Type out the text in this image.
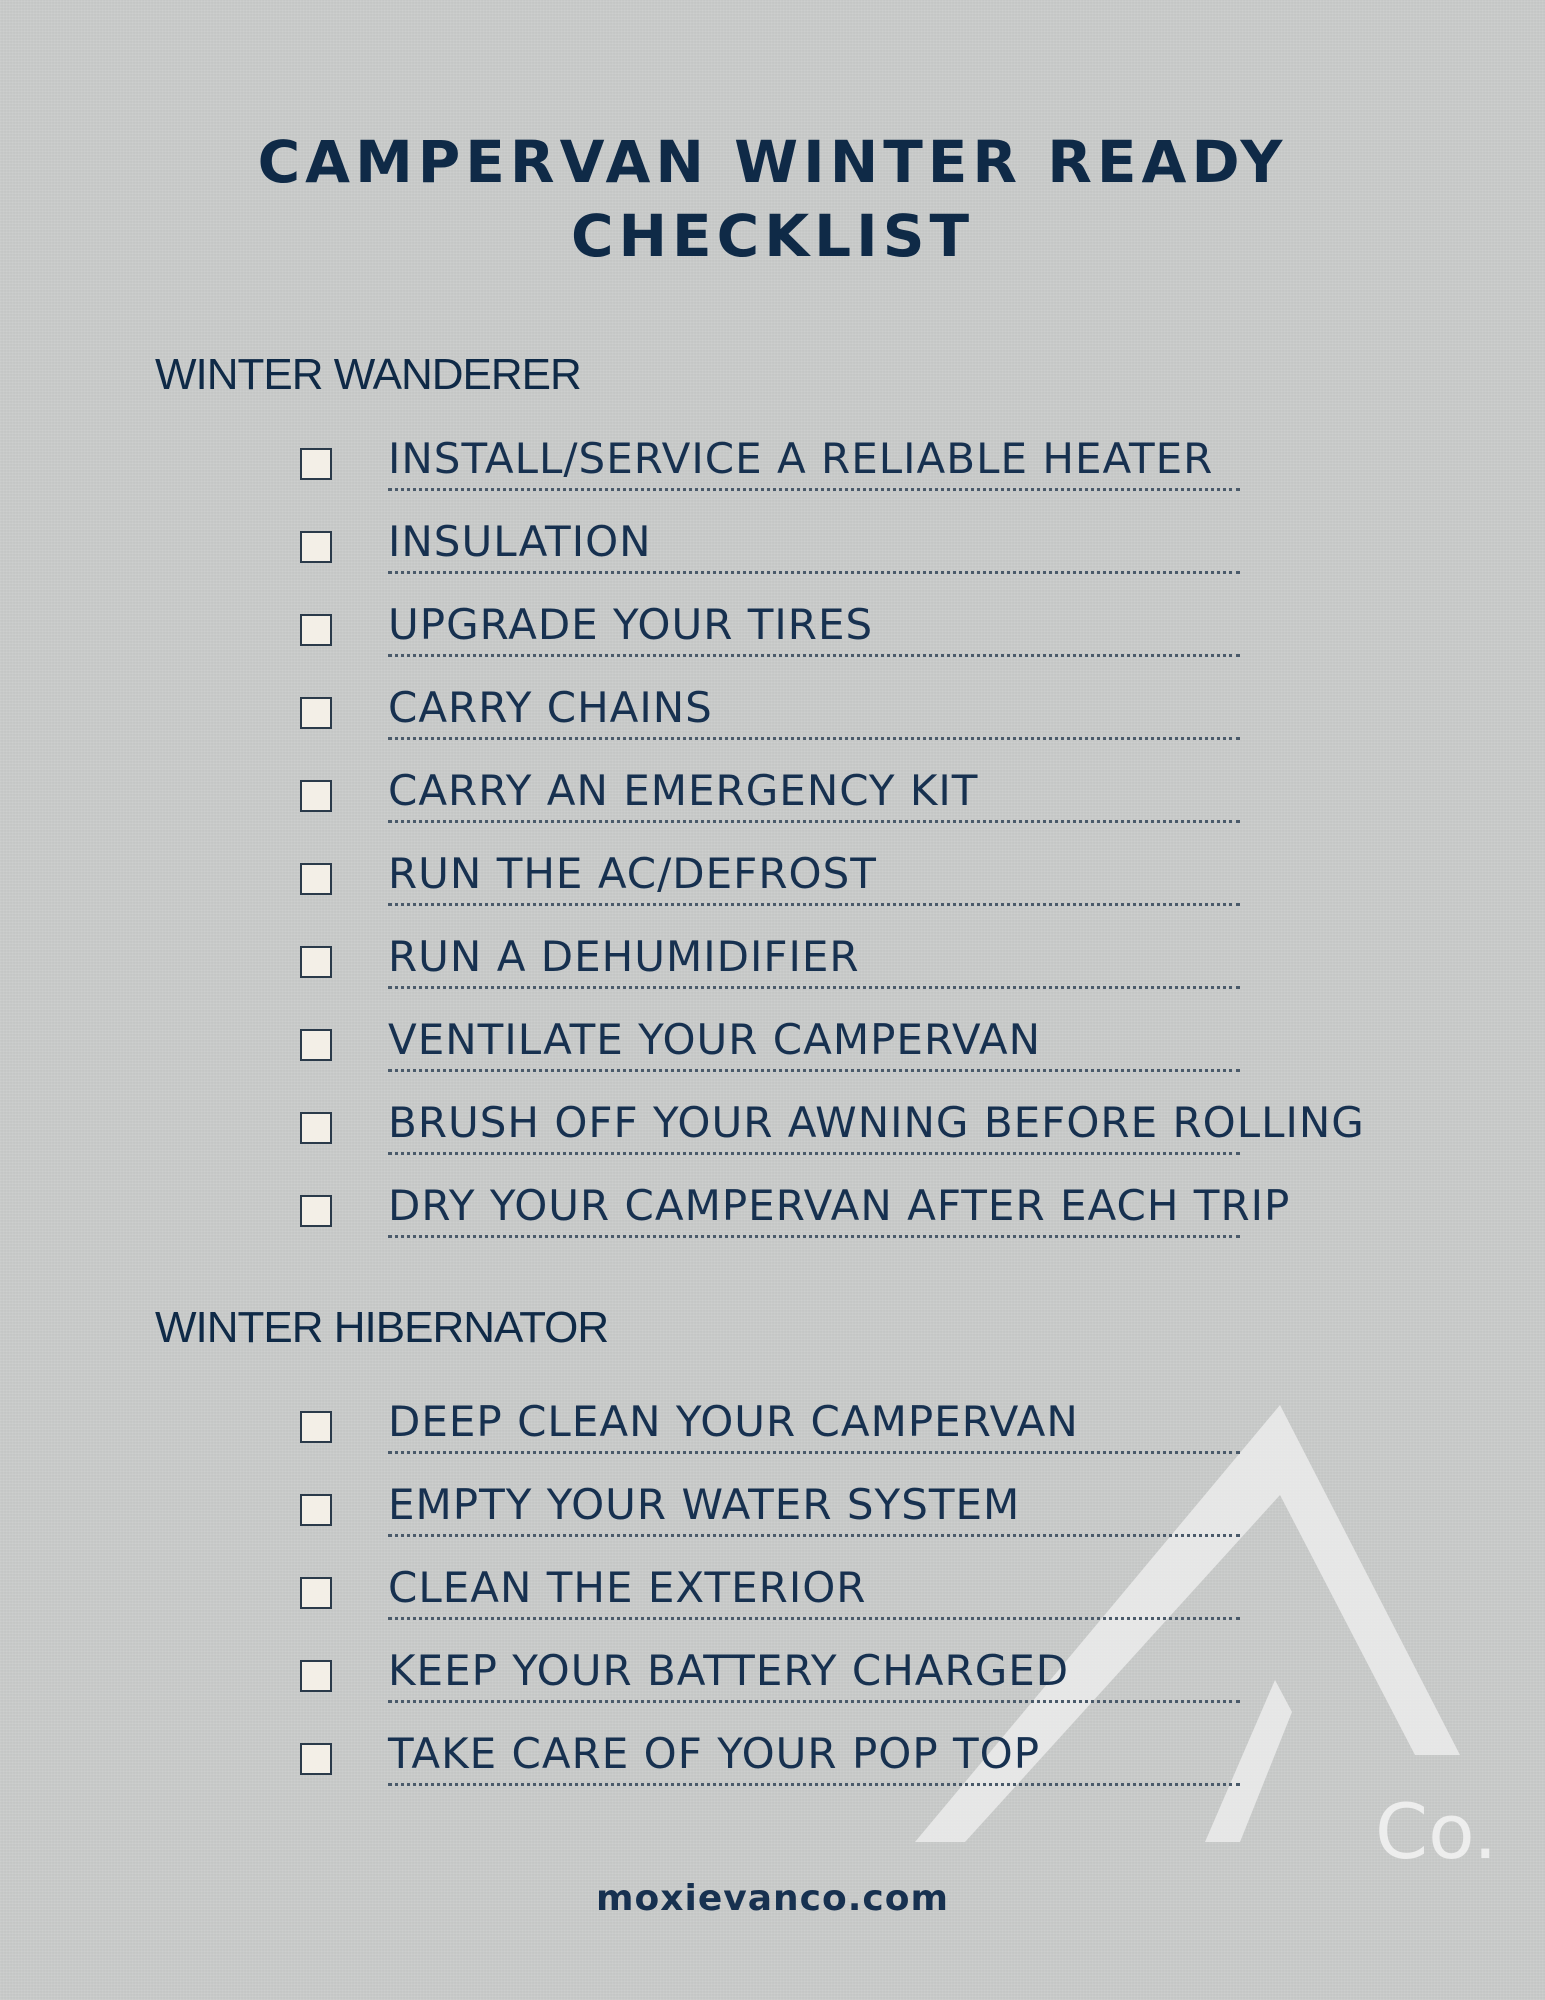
Co.
CAMPERVAN WINTER READY
CHECKLIST
WINTER WANDERER
INSTALL/SERVICE A RELIABLE HEATER
INSULATION
UPGRADE YOUR TIRES
CARRY CHAINS
CARRY AN EMERGENCY KIT
RUN THE AC/DEFROST
RUN A DEHUMIDIFIER
VENTILATE YOUR CAMPERVAN
BRUSH OFF YOUR AWNING BEFORE ROLLING
DRY YOUR CAMPERVAN AFTER EACH TRIP
WINTER HIBERNATOR
DEEP CLEAN YOUR CAMPERVAN
EMPTY YOUR WATER SYSTEM
CLEAN THE EXTERIOR
KEEP YOUR BATTERY CHARGED
TAKE CARE OF YOUR POP TOP
moxievanco.com
